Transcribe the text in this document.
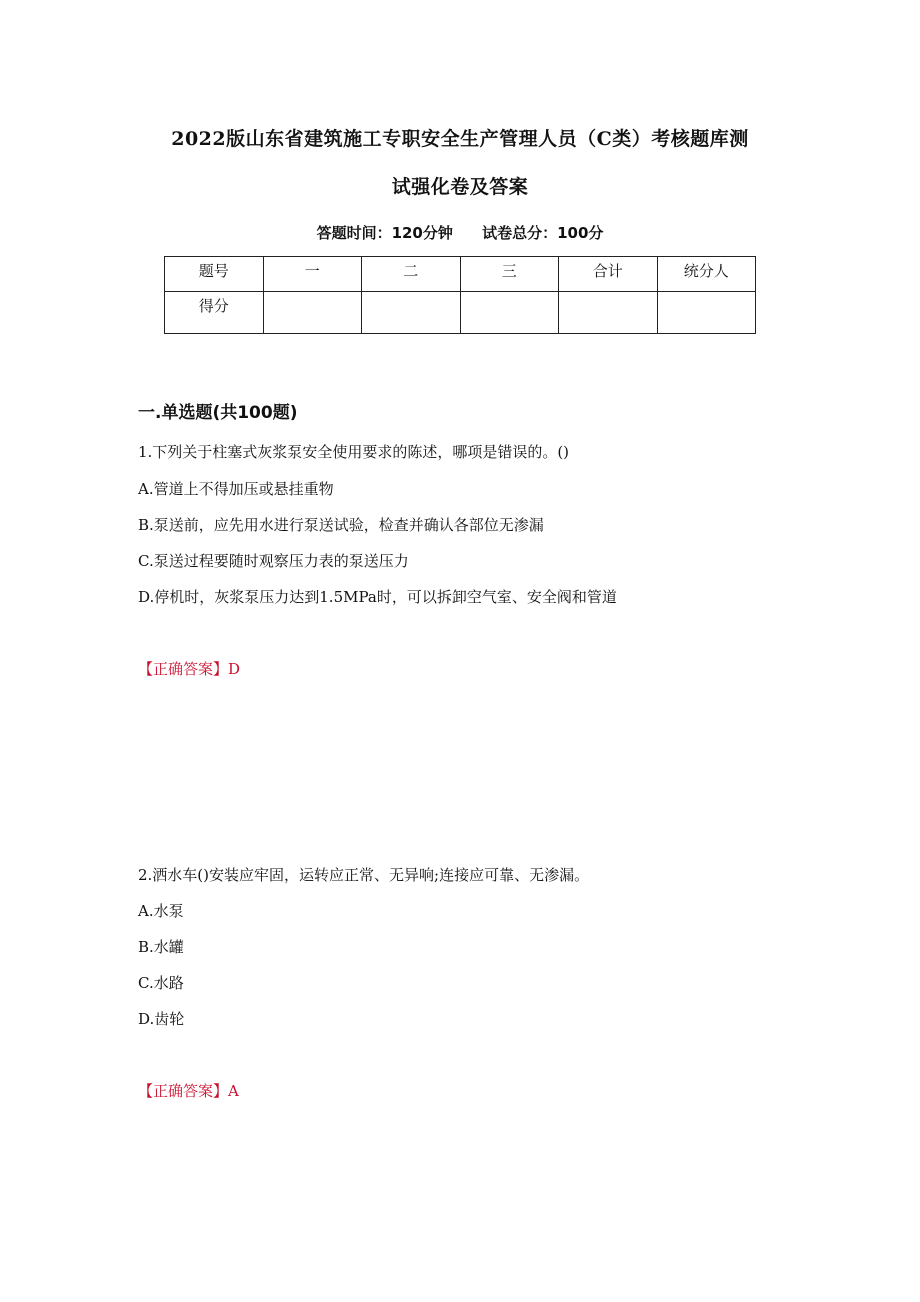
2022版山东省建筑施工专职安全生产管理人员（C类）考核题库测
试强化卷及答案
答题时间：120分钟 试卷总分：100分
题号	一	二	三	合计	统分人
得分					
一.单选题(共100题)
1.下列关于柱塞式灰浆泵安全使用要求的陈述，哪项是错误的。()
A.管道上不得加压或悬挂重物
B.泵送前，应先用水进行泵送试验，检查并确认各部位无渗漏
C.泵送过程要随时观察压力表的泵送压力
D.停机时，灰浆泵压力达到1.5MPa时，可以拆卸空气室、安全阀和管道
【正确答案】D
2.洒水车()安装应牢固，运转应正常、无异响;连接应可靠、无渗漏。
A.水泵
B.水罐
C.水路
D.齿轮
【正确答案】A
